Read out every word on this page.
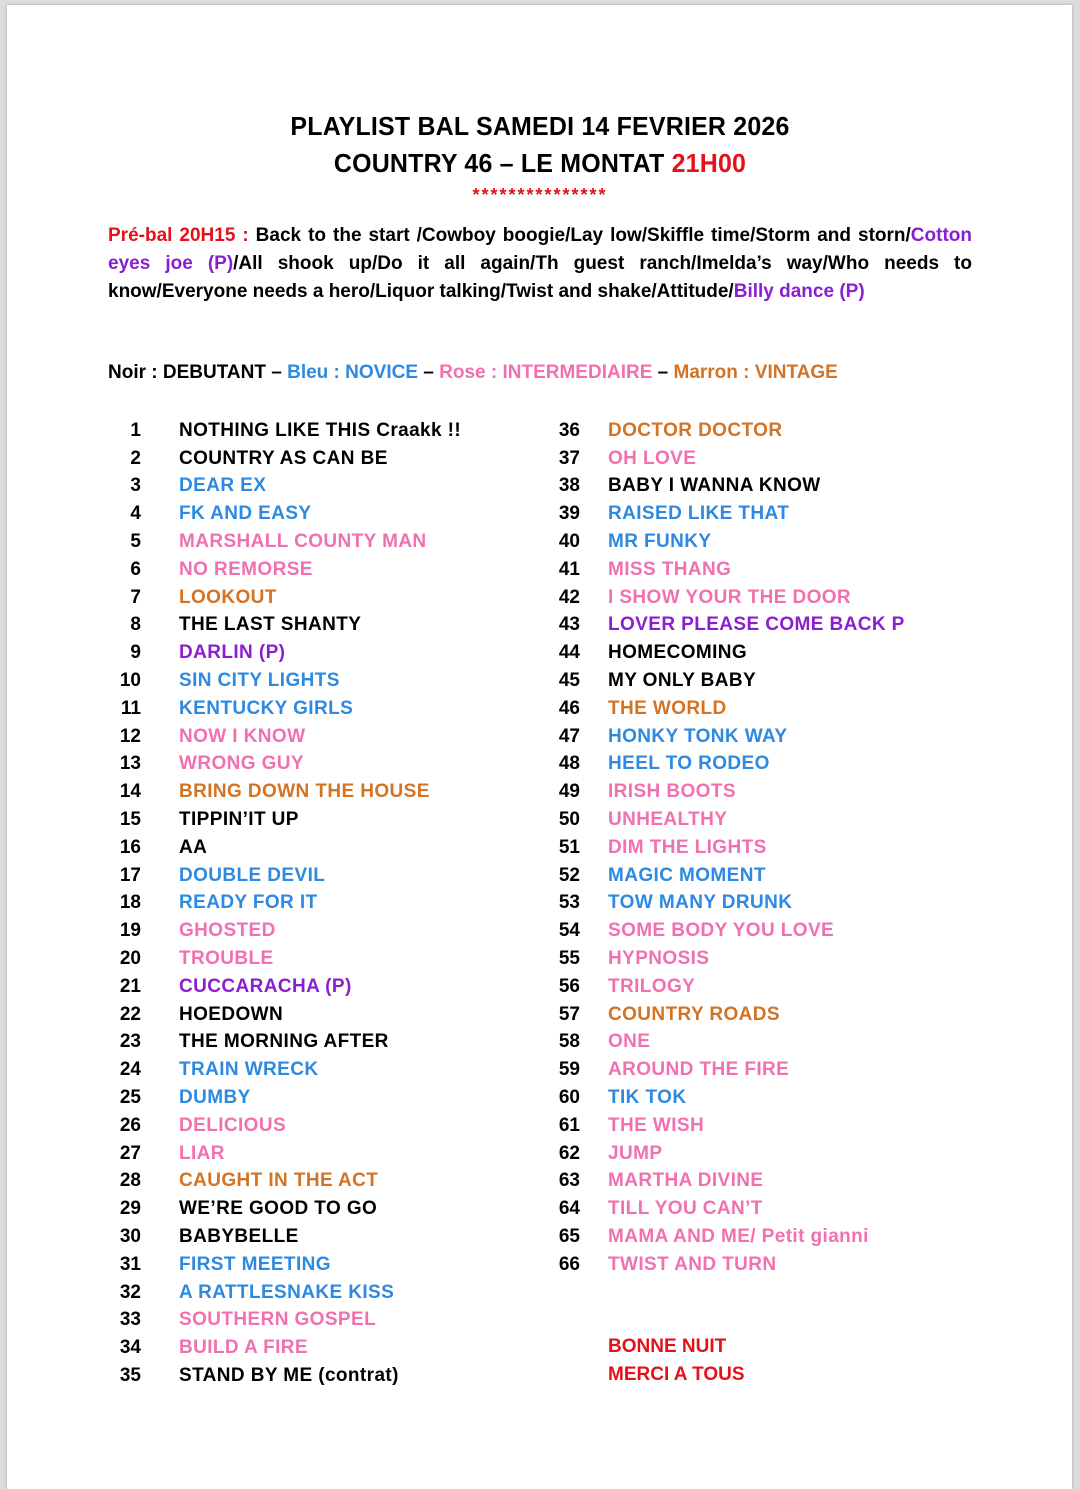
PLAYLIST BAL SAMEDI 14 FEVRIER 2026
COUNTRY 46 – LE MONTAT 21H00
***************
Pré-bal 20H15 : Back to the start /Cowboy boogie/Lay low/Skiffle time/Storm and storn/Cotton eyes joe (P)/All shook up/Do it all again/Th guest ranch/Imelda’s way/Who needs to know/Everyone needs a hero/Liquor talking/Twist and shake/Attitude/Billy dance (P)
Noir : DEBUTANT – Bleu : NOVICE – Rose : INTERMEDIAIRE – Marron : VINTAGE
1 NOTHING LIKE THIS Craakk !!
2 COUNTRY AS CAN BE
3 DEAR EX
4 FK AND EASY
5 MARSHALL COUNTY MAN
6 NO REMORSE
7 LOOKOUT
8 THE LAST SHANTY
9 DARLIN (P)
10 SIN CITY LIGHTS
11 KENTUCKY GIRLS
12 NOW I KNOW
13 WRONG GUY
14 BRING DOWN THE HOUSE
15 TIPPIN’IT UP
16 AA
17 DOUBLE DEVIL
18 READY FOR IT
19 GHOSTED
20 TROUBLE
21 CUCCARACHA (P)
22 HOEDOWN
23 THE MORNING AFTER
24 TRAIN WRECK
25 DUMBY
26 DELICIOUS
27 LIAR
28 CAUGHT IN THE ACT
29 WE’RE GOOD TO GO
30 BABYBELLE
31 FIRST MEETING
32 A RATTLESNAKE KISS
33 SOUTHERN GOSPEL
34 BUILD A FIRE
35 STAND BY ME (contrat)
36 DOCTOR DOCTOR
37 OH LOVE
38 BABY I WANNA KNOW
39 RAISED LIKE THAT
40 MR FUNKY
41 MISS THANG
42 I SHOW YOUR THE DOOR
43 LOVER PLEASE COME BACK P
44 HOMECOMING
45 MY ONLY BABY
46 THE WORLD
47 HONKY TONK WAY
48 HEEL TO RODEO
49 IRISH BOOTS
50 UNHEALTHY
51 DIM THE LIGHTS
52 MAGIC MOMENT
53 TOW MANY DRUNK
54 SOME BODY YOU LOVE
55 HYPNOSIS
56 TRILOGY
57 COUNTRY ROADS
58 ONE
59 AROUND THE FIRE
60 TIK TOK
61 THE WISH
62 JUMP
63 MARTHA DIVINE
64 TILL YOU CAN’T
65 MAMA AND ME/ Petit gianni
66 TWIST AND TURN
BONNE NUIT
MERCI A TOUS
